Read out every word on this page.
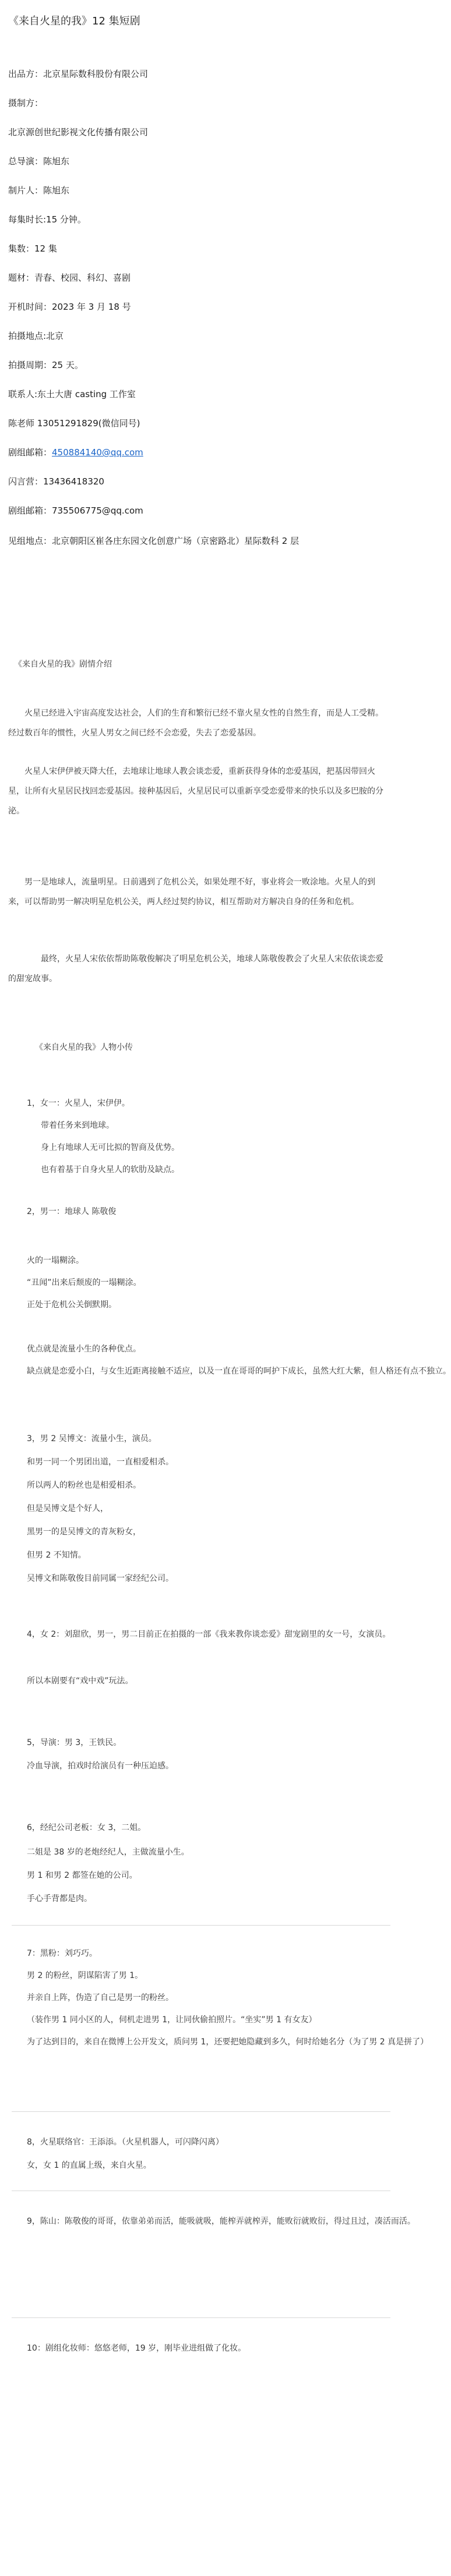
《来自火星的我》12 集短剧
出品方：北京星际数科股份有限公司
摄制方：
北京源创世纪影视文化传播有限公司
总导演：陈旭东
制片人：陈旭东
每集时长:15 分钟。
集数：12 集
题材：青春、校园、科幻、喜剧
开机时间：2023 年 3 月 18 号
拍摄地点:北京
拍摄周期：25 天。
联系人:东土大唐 casting 工作室
陈老师 13051291829(微信同号)
剧组邮箱：450884140@qq.com
闪言营：13436418320
剧组邮箱：735506775@qq.com
见组地点：北京朝阳区崔各庄东园文化创意广场（京密路北）星际数科 2 层
《来自火星的我》剧情介绍
火星已经进入宇宙高度发达社会，人们的生育和繁衍已经不靠火星女性的自然生育，而是人工受精。经过数百年的惯性，火星人男女之间已经不会恋爱，失去了恋爱基因。
火星人宋伊伊被天降大任，去地球让地球人教会谈恋爱，重新获得身体的恋爱基因，把基因带回火星，让所有火星居民找回恋爱基因。接种基因后，火星居民可以重新享受恋爱带来的快乐以及多巴胺的分泌。
男一是地球人，流量明星。日前遇到了危机公关，如果处理不好，事业将会一败涂地。火星人的到来，可以帮助男一解决明星危机公关，两人经过契约协议，相互帮助对方解决自身的任务和危机。
最终，火星人宋依依帮助陈敬俊解决了明星危机公关，地球人陈敬俊教会了火星人宋依依谈恋爱的甜宠故事。
《来自火星的我》人物小传
1，女一：火星人，宋伊伊。
带着任务来到地球。
身上有地球人无可比拟的智商及优势。
也有着基于自身火星人的软肋及缺点。
2，男一：地球人 陈敬俊
火的一塌糊涂。
“丑闻”出来后颓废的一塌糊涂。
正处于危机公关倒默期。
优点就是流量小生的各种优点。
缺点就是恋爱小白，与女生近距离接触不适应，以及一直在哥哥的呵护下成长，虽然大红大紫，但人格还有点不独立。
3，男 2 吴博文：流量小生，演员。
和男一同一个男团出道，一直相爱相杀。
所以两人的粉丝也是相爱相杀。
但是吴博文是个好人，
黑男一的是吴博文的青灰粉女，
但男 2 不知情。
吴博文和陈敬俊目前同属一家经纪公司。
4，女 2：刘甜欣，男一，男二目前正在拍摄的一部《我来教你谈恋爱》甜宠剧里的女一号，女演员。
所以本剧要有“戏中戏”玩法。
5，导演：男 3，王铁民。
冷血导演，拍戏时给演员有一种压迫感。
6，经纪公司老板：女 3，二姐。
二姐是 38 岁的老炮经纪人，主做流量小生。
男 1 和男 2 都签在她的公司。
手心手背都是肉。
7：黑粉：刘巧巧。
男 2 的粉丝，阴谋陷害了男 1。
并亲自上阵，伪造了自己是男一的粉丝。
（装作男 1 同小区的人，伺机走进男 1，让同伙偷拍照片。“坐实”男 1 有女友）
为了达到目的，来自在微博上公开发文，质问男 1，还要把她隐藏到多久，何时给她名分（为了男 2 真是拼了）
8，火星联络官：王添添。（火星机器人，可闪降闪离）
女，女 1 的直属上级，来自火星。
9，陈山：陈敬俊的哥哥，依靠弟弟而活，能吸就吸，能榨弄就榨弄，能败衍就败衍，得过且过，凑活而活。
10：剧组化妆师：悠悠老师，19 岁，刚毕业进组做了化妆。
